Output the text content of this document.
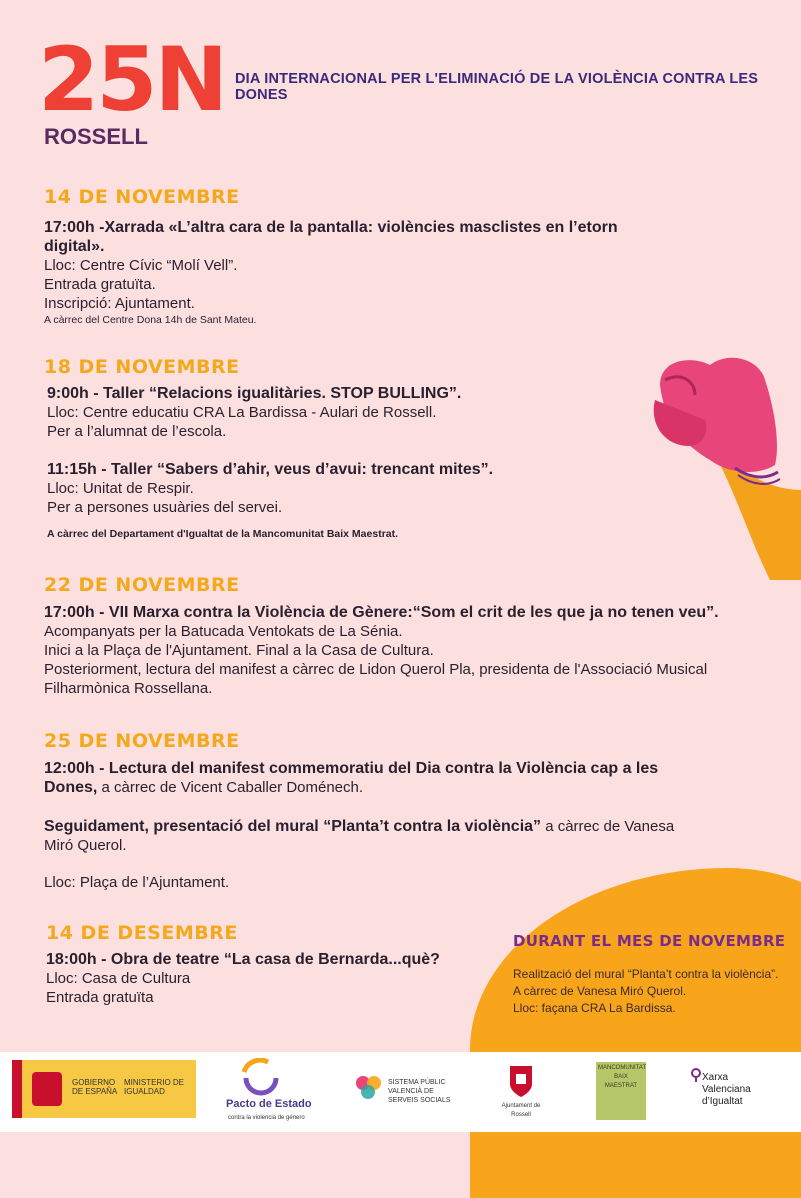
25N
ROSSELL
DIA INTERNACIONAL PER L'ELIMINACIÓ DE LA VIOLÈNCIA CONTRA LES DONES
14 DE NOVEMBRE
17:00h -Xarrada «L’altra cara de la pantalla: violències masclistes en l’etorn
digital».
Lloc: Centre Cívic “Molí Vell”.
Entrada gratuïta.
Inscripció: Ajuntament.
A càrrec del Centre Dona 14h de Sant Mateu.
18 DE NOVEMBRE
9:00h - Taller “Relacions igualitàries. STOP BULLING”.
Lloc: Centre educatiu CRA La Bardissa - Aulari de Rossell.
Per a l’alumnat de l’escola.
11:15h - Taller “Sabers d’ahir, veus d’avui: trencant mites”.
Lloc: Unitat de Respir.
Per a persones usuàries del servei.
A càrrec del Departament d'Igualtat de la Mancomunitat Baix Maestrat.
22 DE NOVEMBRE
17:00h - VII Marxa contra la Violència de Gènere:“Som el crit de les que ja no tenen veu”.
Acompanyats per la Batucada Ventokats de La Sénia.
Inici a la Plaça de l'Ajuntament. Final a la Casa de Cultura.
Posteriorment, lectura del manifest a càrrec de Lidon Querol Pla, presidenta de l'Associació Musical
Filharmònica Rossellana.
25 DE NOVEMBRE
12:00h - Lectura del manifest commemoratiu del Dia contra la Violència cap a les
Dones, a càrrec de Vicent Caballer Doménech.
Seguidament, presentació del mural “Planta’t contra la violència” a càrrec de Vanesa
Miró Querol.
Lloc: Plaça de l’Ajuntament.
DURANT EL MES DE NOVEMBRE
Realització del mural “Planta’t contra la violència”.
A càrrec de Vanesa Miró Querol.
Lloc: façana CRA La Bardissa.
14 DE DESEMBRE
18:00h - Obra de teatre “La casa de Bernarda...què?
Lloc: Casa de Cultura
Entrada gratuïta
GOBIERNO DE ESPAÑA
MINISTERIO DE IGUALDAD
Pacto de Estado
contra la violencia de género
SISTEMA PÚBLIC VALENCIÀ DE SERVEIS SOCIALS
Ajuntament de Rossell
MANCOMUNITAT BAIX MAESTRAT
Xarxa Valenciana d’Igualtat
